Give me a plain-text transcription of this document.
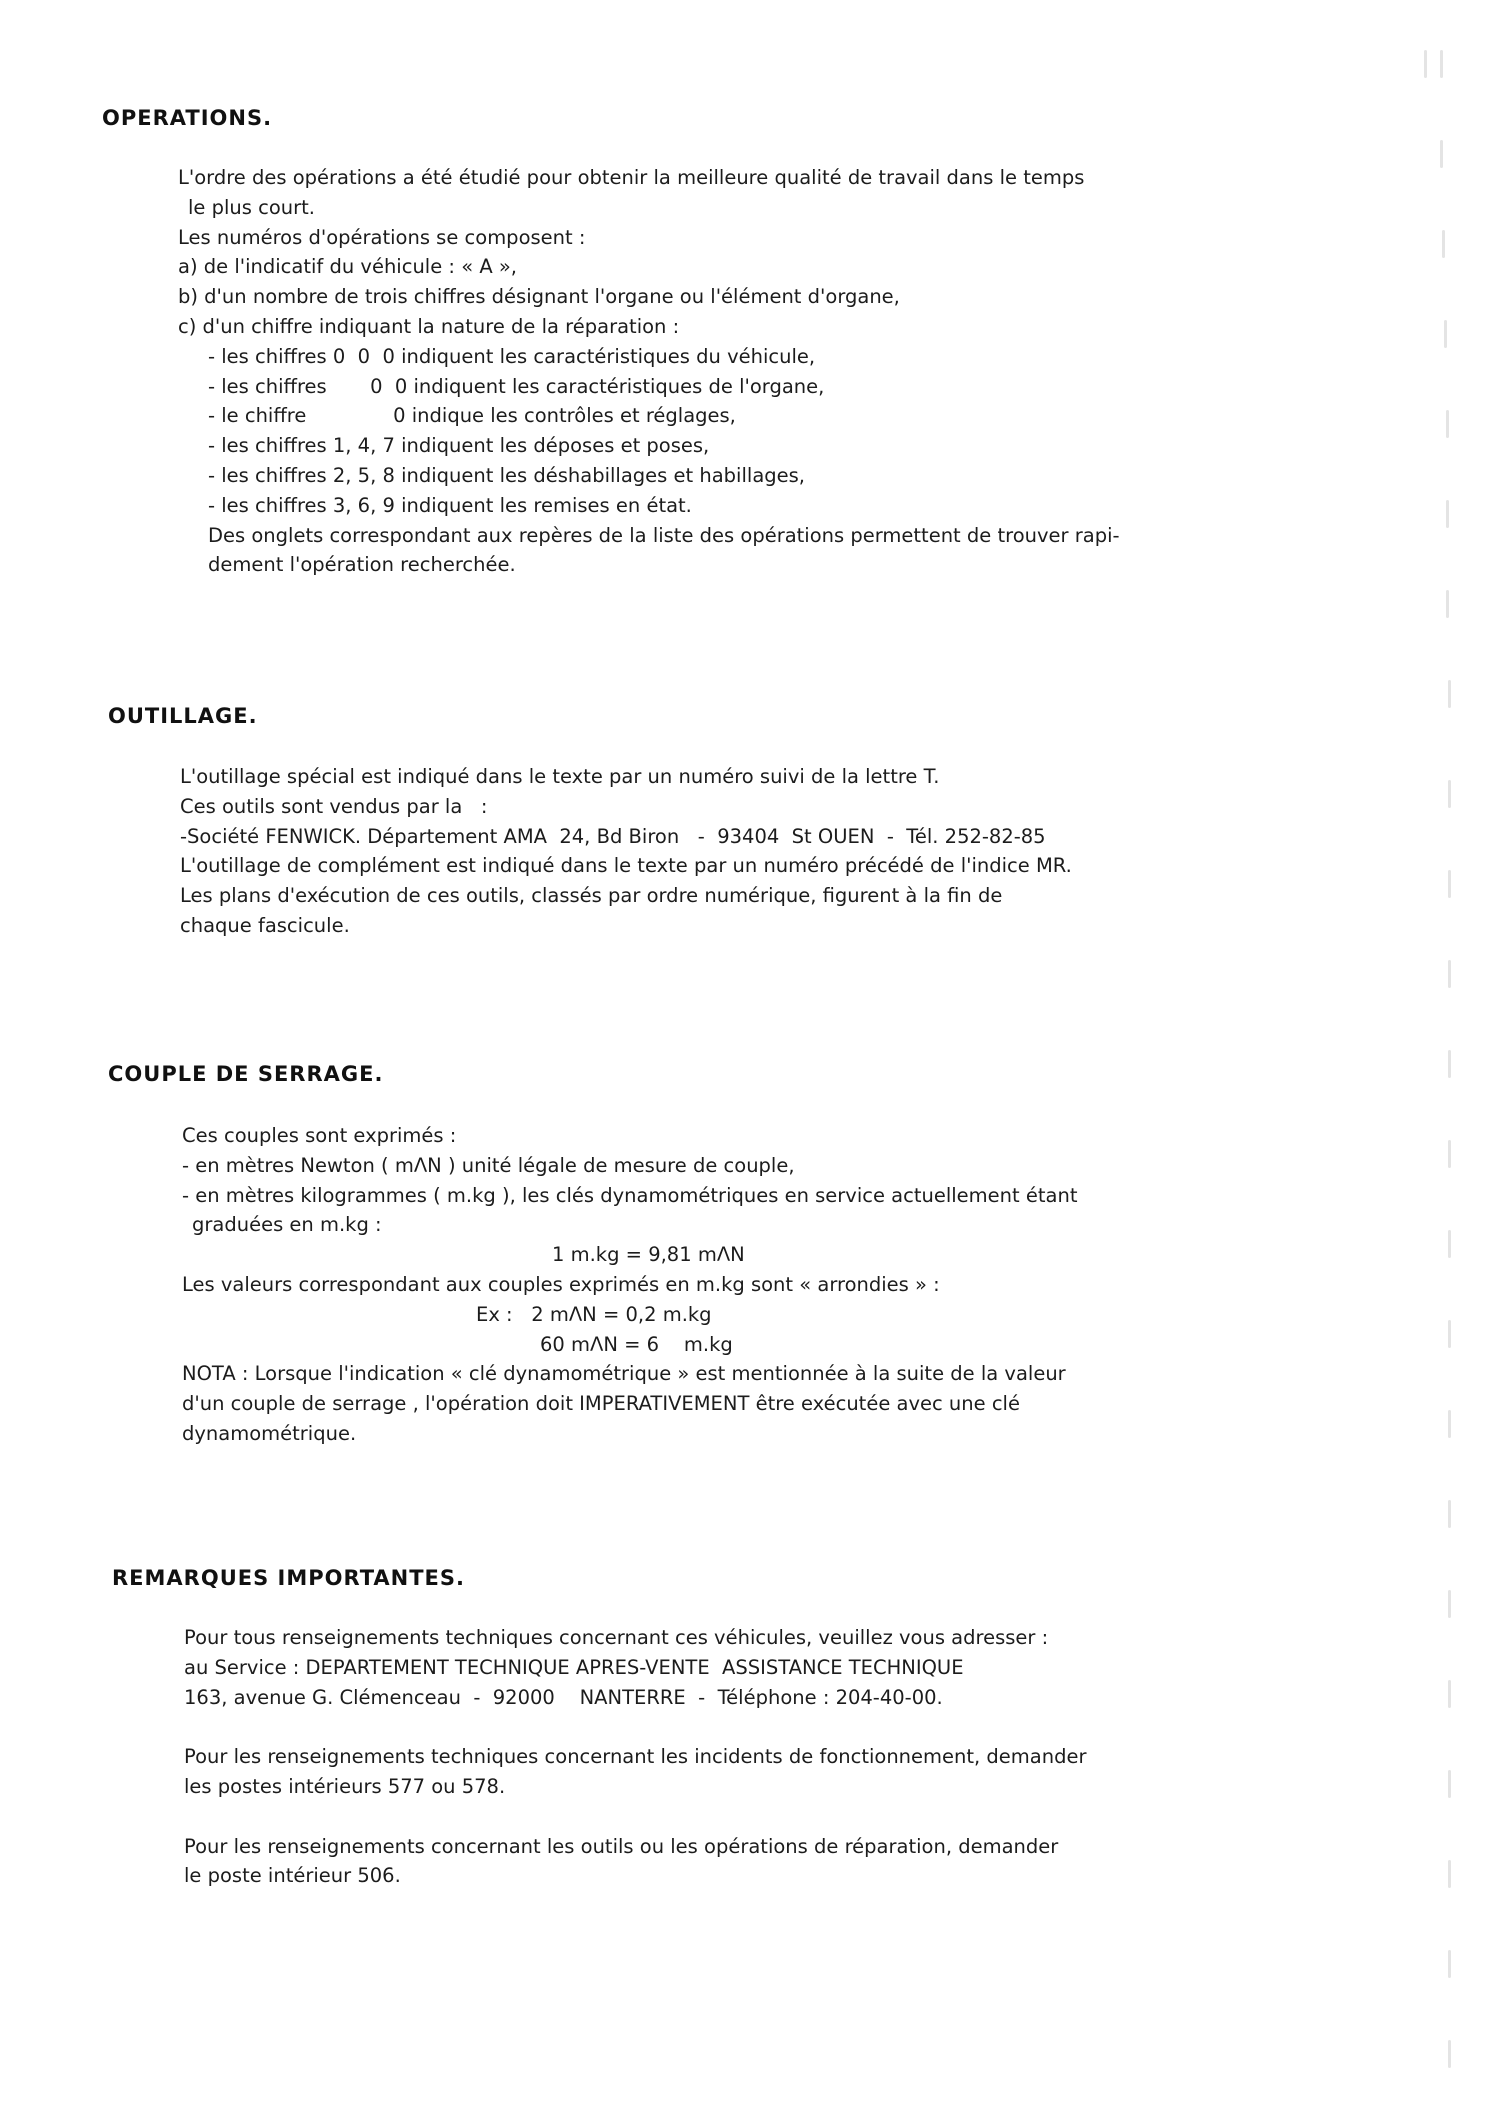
OPERATIONS.
L'ordre des opérations a été étudié pour obtenir la meilleure qualité de travail dans le temps
le plus court.
Les numéros d'opérations se composent :
a) de l'indicatif du véhicule : « A »,
b) d'un nombre de trois chiffres désignant l'organe ou l'élément d'organe,
c) d'un chiffre indiquant la nature de la réparation :
- les chiffres 0  0  0 indiquent les caractéristiques du véhicule,
- les chiffres       0  0 indiquent les caractéristiques de l'organe,
- le chiffre              0 indique les contrôles et réglages,
- les chiffres 1, 4, 7 indiquent les déposes et poses,
- les chiffres 2, 5, 8 indiquent les déshabillages et habillages,
- les chiffres 3, 6, 9 indiquent les remises en état.
Des onglets correspondant aux repères de la liste des opérations permettent de trouver rapi-
dement l'opération recherchée.
OUTILLAGE.
L'outillage spécial est indiqué dans le texte par un numéro suivi de la lettre T.
Ces outils sont vendus par la   :
-Société FENWICK. Département AMA  24, Bd Biron   -  93404  St OUEN  -  Tél. 252-82-85
L'outillage de complément est indiqué dans le texte par un numéro précédé de l'indice MR.
Les plans d'exécution de ces outils, classés par ordre numérique, figurent à la fin de
chaque fascicule.
COUPLE DE SERRAGE.
Ces couples sont exprimés :
- en mètres Newton ( mΛN ) unité légale de mesure de couple,
- en mètres kilogrammes ( m.kg ), les clés dynamométriques en service actuellement étant
graduées en m.kg :
1 m.kg = 9,81 mΛN
Les valeurs correspondant aux couples exprimés en m.kg sont « arrondies » :
Ex :   2 mΛN = 0,2 m.kg
60 mΛN = 6    m.kg
NOTA : Lorsque l'indication « clé dynamométrique » est mentionnée à la suite de la valeur
d'un couple de serrage , l'opération doit IMPERATIVEMENT être exécutée avec une clé
dynamométrique.
REMARQUES IMPORTANTES.
Pour tous renseignements techniques concernant ces véhicules, veuillez vous adresser :
au Service : DEPARTEMENT TECHNIQUE APRES-VENTE  ASSISTANCE TECHNIQUE
163, avenue G. Clémenceau  -  92000    NANTERRE  -  Téléphone : 204-40-00.
Pour les renseignements techniques concernant les incidents de fonctionnement, demander
les postes intérieurs 577 ou 578.
Pour les renseignements concernant les outils ou les opérations de réparation, demander
le poste intérieur 506.
